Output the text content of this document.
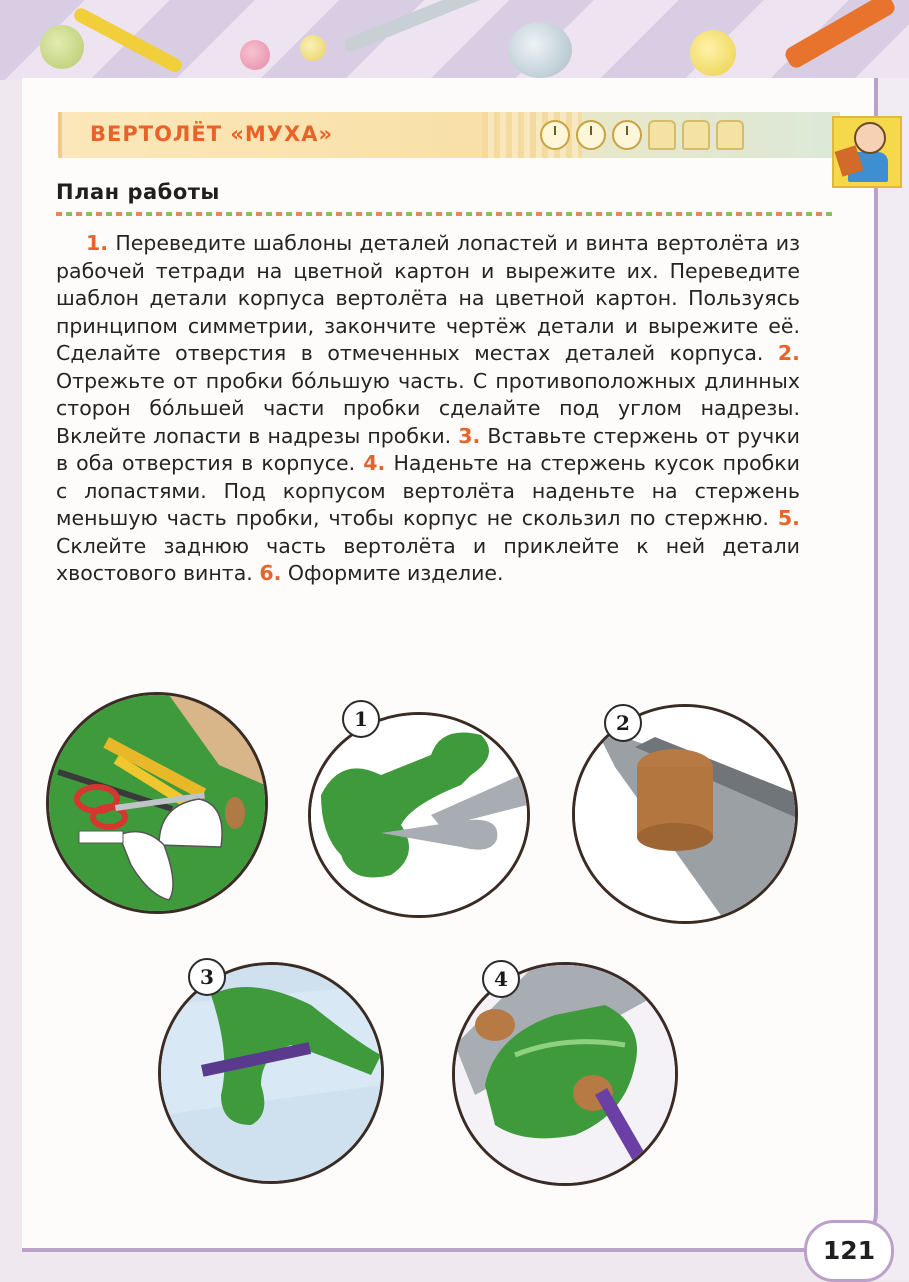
ВЕРТОЛЁТ «МУХА»
План работы

1. Переведите шаблоны деталей лопастей и винта вертолёта из рабочей тетради на цветной картон и вырежите их. Переведите шаблон детали корпуса вертолёта на цветной картон. Пользуясь принципом симметрии, закончите чертёж детали и вырежите её. Сделайте отверстия в отмеченных местах деталей корпуса. 2. Отрежьте от пробки бóльшую часть. С противоположных длинных сторон бóльшей части пробки сделайте под углом надрезы. Вклейте лопасти в надрезы пробки. 3. Вставьте стержень от ручки в оба отверстия в корпусе. 4. Наденьте на стержень кусок пробки с лопастями. Под корпусом вертолёта наденьте на стержень меньшую часть пробки, чтобы корпус не скользил по стержню. 5. Склейте заднюю часть вертолёта и приклейте к ней детали хвостового винта. 6. Оформите изделие.

1	2
3	4
121
